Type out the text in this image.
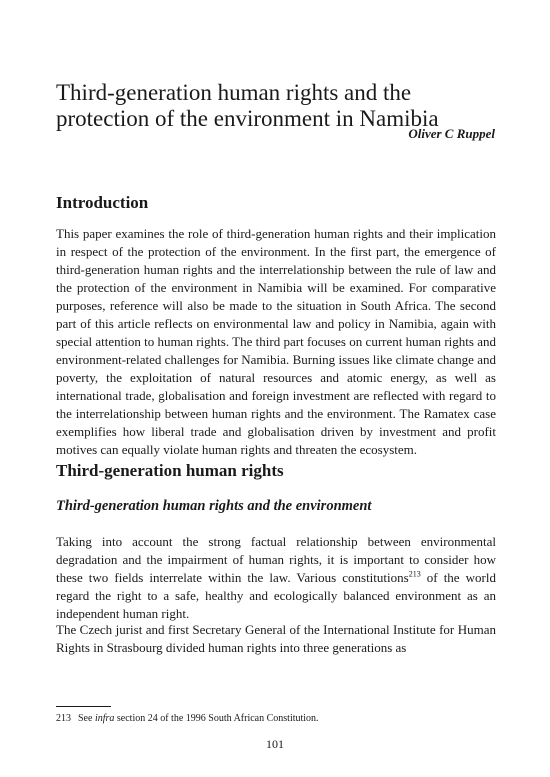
Third-generation human rights and the protection of the environment in Namibia

Oliver C Ruppel

Introduction

This paper examines the role of third-generation human rights and their implication in respect of the protection of the environment. In the first part, the emergence of third-generation human rights and the interrelationship between the rule of law and the protection of the environment in Namibia will be examined. For comparative purposes, reference will also be made to the situation in South Africa. The second part of this article reflects on environmental law and policy in Namibia, again with special attention to human rights. The third part focuses on current human rights and environment-related challenges for Namibia. Burning issues like climate change and poverty, the exploitation of natural resources and atomic energy, as well as international trade, globalisation and foreign investment are reflected with regard to the interrelationship between human rights and the environment. The Ramatex case exemplifies how liberal trade and globalisation driven by investment and profit motives can equally violate human rights and threaten the ecosystem.

Third-generation human rights
Third-generation human rights and the environment

Taking into account the strong factual relationship between environmental degradation and the impairment of human rights, it is important to consider how these two fields interrelate within the law. Various constitutions$^{213}$ of the world regard the right to a safe, healthy and ecologically balanced environment as an independent human right.

The Czech jurist and first Secretary General of the International Institute for Human Rights in Strasbourg divided human rights into three generations as

213 See infra section 24 of the 1996 South African Constitution.

101
